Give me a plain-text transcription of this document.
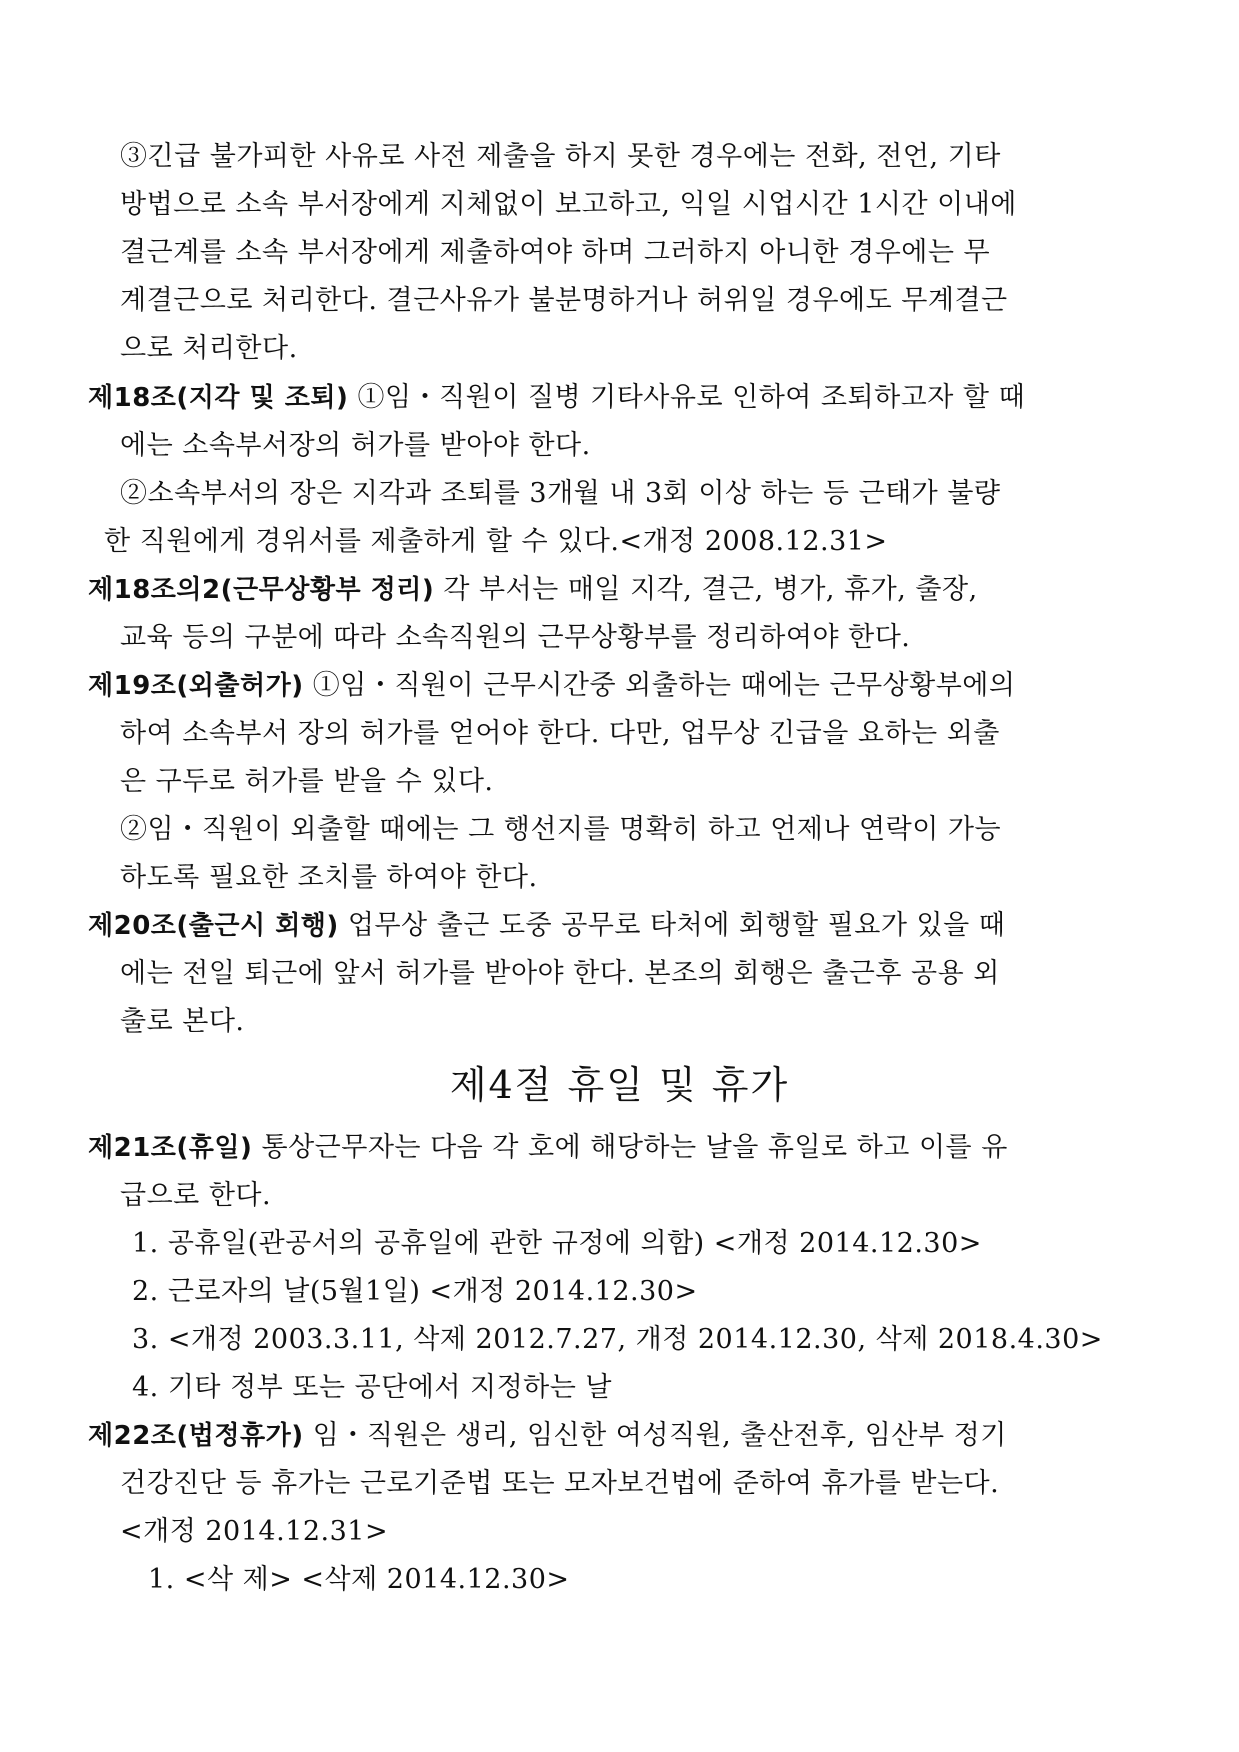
③긴급 불가피한 사유로 사전 제출을 하지 못한 경우에는 전화, 전언, 기타
방법으로 소속 부서장에게 지체없이 보고하고, 익일 시업시간 1시간 이내에
결근계를 소속 부서장에게 제출하여야 하며 그러하지 아니한 경우에는 무
계결근으로 처리한다. 결근사유가 불분명하거나 허위일 경우에도 무계결근
으로 처리한다.
제18조(지각 및 조퇴) ①임・직원이 질병 기타사유로 인하여 조퇴하고자 할 때
에는 소속부서장의 허가를 받아야 한다.
②소속부서의 장은 지각과 조퇴를 3개월 내 3회 이상 하는 등 근태가 불량
한 직원에게 경위서를 제출하게 할 수 있다.<개정 2008.12.31>
제18조의2(근무상황부 정리) 각 부서는 매일 지각, 결근, 병가, 휴가, 출장,
교육 등의 구분에 따라 소속직원의 근무상황부를 정리하여야 한다.
제19조(외출허가) ①임・직원이 근무시간중 외출하는 때에는 근무상황부에의
하여 소속부서 장의 허가를 얻어야 한다. 다만, 업무상 긴급을 요하는 외출
은 구두로 허가를 받을 수 있다.
②임・직원이 외출할 때에는 그 행선지를 명확히 하고 언제나 연락이 가능
하도록 필요한 조치를 하여야 한다.
제20조(출근시 회행) 업무상 출근 도중 공무로 타처에 회행할 필요가 있을 때
에는 전일 퇴근에 앞서 허가를 받아야 한다. 본조의 회행은 출근후 공용 외
출로 본다.
제4절 휴일 및 휴가
제21조(휴일) 통상근무자는 다음 각 호에 해당하는 날을 휴일로 하고 이를 유
급으로 한다.
1. 공휴일(관공서의 공휴일에 관한 규정에 의함) <개정 2014.12.30>
2. 근로자의 날(5월1일) <개정 2014.12.30>
3. <개정 2003.3.11, 삭제 2012.7.27, 개정 2014.12.30, 삭제 2018.4.30>
4. 기타 정부 또는 공단에서 지정하는 날
제22조(법정휴가) 임・직원은 생리, 임신한 여성직원, 출산전후, 임산부 정기
건강진단 등 휴가는 근로기준법 또는 모자보건법에 준하여 휴가를 받는다.
<개정 2014.12.31>
1. <삭 제> <삭제 2014.12.30>
